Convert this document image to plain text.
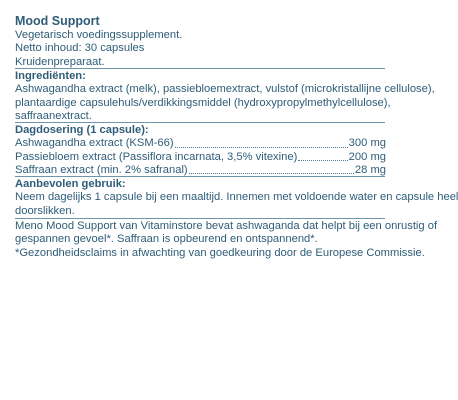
Mood Support
Vegetarisch voedingssupplement.
Netto inhoud: 30 capsules
Kruidenpreparaat.
Ingrediënten:
Ashwagandha extract (melk), passiebloemextract, vulstof (microkristallijne cellulose),
plantaardige capsulehuls/verdikkingsmiddel (hydroxypropylmethylcellulose),
saffraanextract.
Dagdosering (1 capsule):
Ashwagandha extract (KSM-66)	300 mg
Passiebloem extract (Passiflora incarnata, 3,5% vitexine)	200 mg
Saffraan extract (min. 2% safranal)	28 mg
Aanbevolen gebruik:
Neem dagelijks 1 capsule bij een maaltijd. Innemen met voldoende water en capsule heel
doorslikken.
Meno Mood Support van Vitaminstore bevat ashwaganda dat helpt bij een onrustig of
gespannen gevoel*. Saffraan is opbeurend en ontspannend*.
*Gezondheidsclaims in afwachting van goedkeuring door de Europese Commissie.
